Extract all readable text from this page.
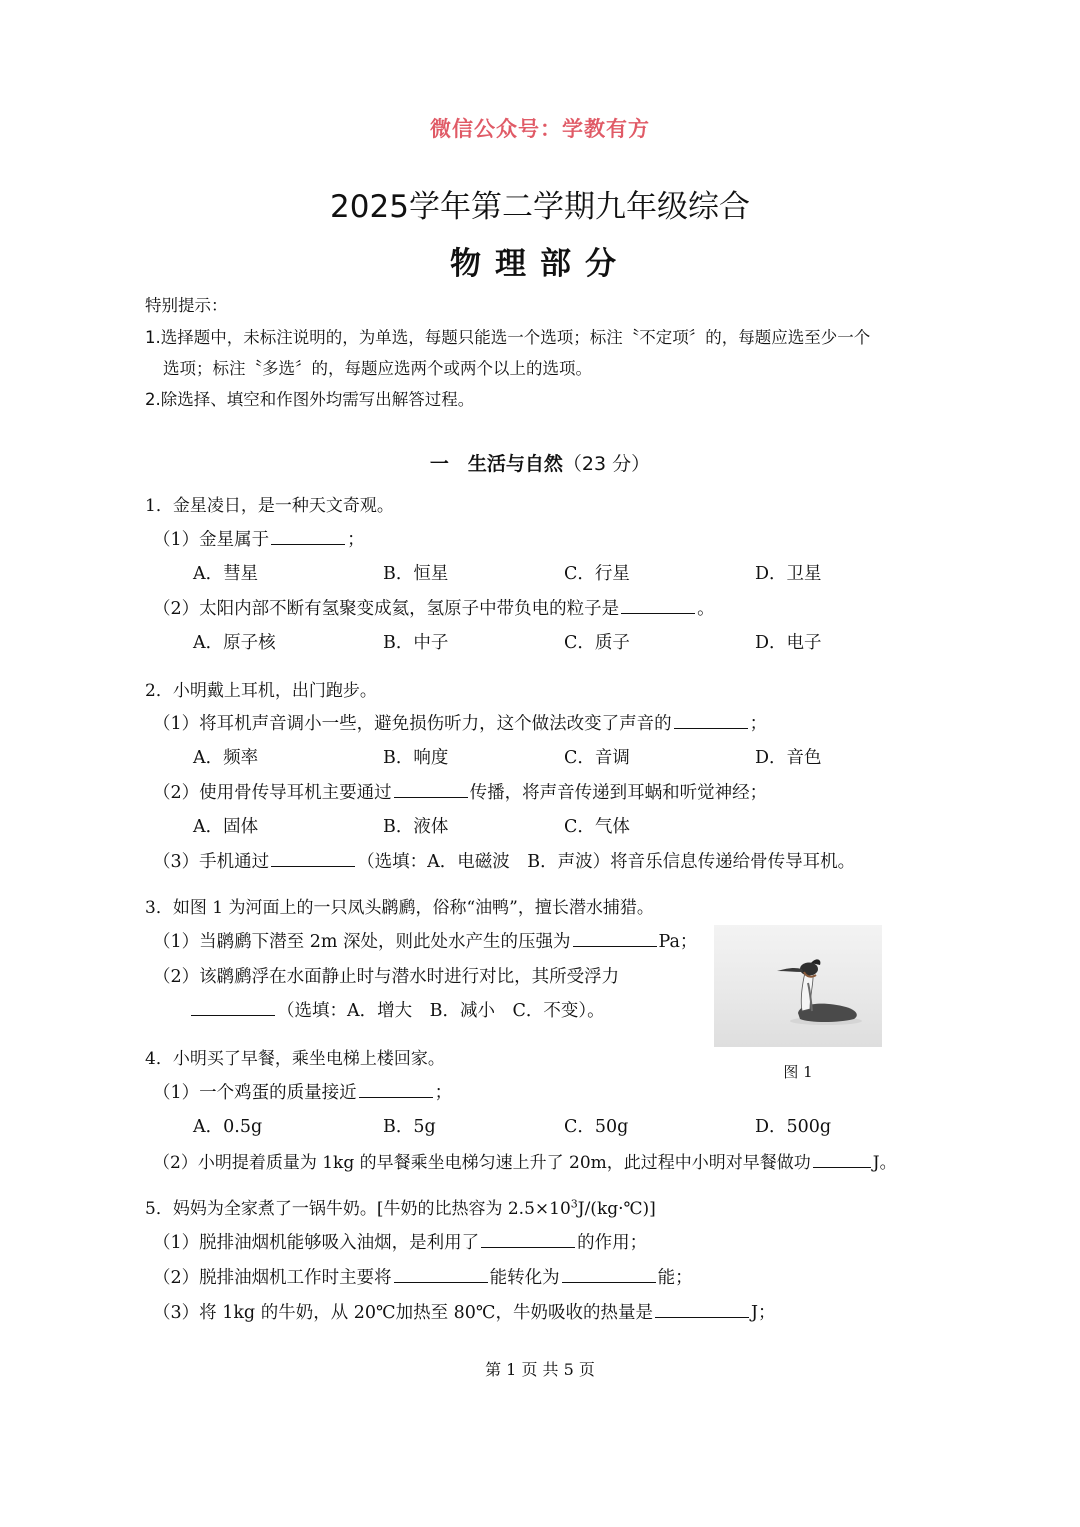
微信公众号：学教有方
2025学年第二学期九年级综合
物理部分
特别提示：
1.选择题中，未标注说明的，为单选，每题只能选一个选项；标注〝不定项〞的，每题应选至少一个
选项；标注〝多选〞的，每题应选两个或两个以上的选项。
2.除选择、填空和作图外均需写出解答过程。
一　生活与自然（23 分）
1．金星凌日，是一种天文奇观。
（1）金星属于	；
A．彗星	B．恒星	C．行星	D．卫星
（2）太阳内部不断有氢聚变成氦，氢原子中带负电的粒子是	。
A．原子核	B．中子	C．质子	D．电子
2．小明戴上耳机，出门跑步。
（1）将耳机声音调小一些，避免损伤听力，这个做法改变了声音的	；
A．频率	B．响度	C．音调	D．音色
（2）使用骨传导耳机主要通过	传播，将声音传递到耳蜗和听觉神经；
A．固体	B．液体	C．气体
（3）手机通过	（选填：A．电磁波　B．声波）将音乐信息传递给骨传导耳机。
3．如图 1 为河面上的一只凤头䴙䴘，俗称“油鸭”，擅长潜水捕猎。
（1）当䴙䴘下潜至 2m 深处，则此处水产生的压强为	Pa；
（2）该䴙䴘浮在水面静止时与潜水时进行对比，其所受浮力
（选填：A．增大　B．减小　C．不变）。
图 1
4．小明买了早餐，乘坐电梯上楼回家。
（1）一个鸡蛋的质量接近	；
A．0.5g	B．5g	C．50g	D．500g
（2）小明提着质量为 1kg 的早餐乘坐电梯匀速上升了 20m，此过程中小明对早餐做功	J。
5．妈妈为全家煮了一锅牛奶。[牛奶的比热容为 $2.5\times 10^3J/(kg\cdot℃)$]
（1）脱排油烟机能够吸入油烟，是利用了	的作用；
（2）脱排油烟机工作时主要将	能转化为	能；
（3）将 1kg 的牛奶，从 20℃加热至 80℃，牛奶吸收的热量是	J；
第 1 页 共 5 页
